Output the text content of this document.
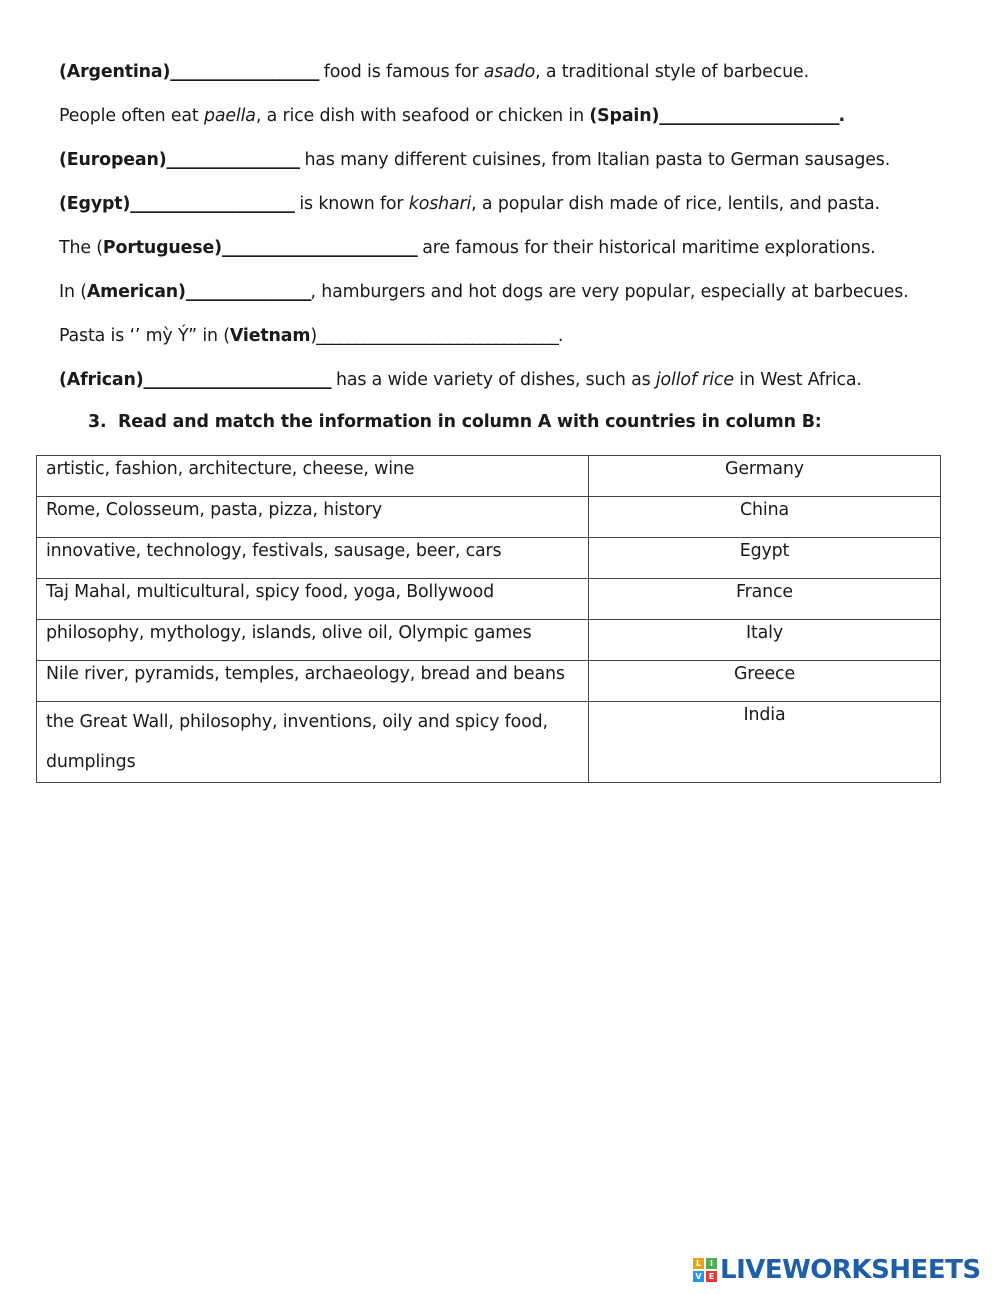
(Argentina)___________________ food is famous for asado, a traditional style of barbecue.
People often eat paella, a rice dish with seafood or chicken in (Spain)_______________________.
(European)_________________ has many different cuisines, from Italian pasta to German sausages.
(Egypt)_____________________ is known for koshari, a popular dish made of rice, lentils, and pasta.
The (Portuguese)_________________________ are famous for their historical maritime explorations.
In (American)________________, hamburgers and hot dogs are very popular, especially at barbecues.
Pasta is ‘’ mỳ Ý” in (Vietnam)_______________________________.
(African)________________________ has a wide variety of dishes, such as jollof rice in West Africa.
3. Read and match the information in column A with countries in column B:
artistic, fashion, architecture, cheese, wine	Germany
Rome, Colosseum, pasta, pizza, history	China
innovative, technology, festivals, sausage, beer, cars	Egypt
Taj Mahal, multicultural, spicy food, yoga, Bollywood	France
philosophy, mythology, islands, olive oil, Olympic games	Italy
Nile river, pyramids, temples, archaeology, bread and beans	Greece
the Great Wall, philosophy, inventions, oily and spicy food,
dumplings	India
L	I
V E LIVEWORKSHEETS
